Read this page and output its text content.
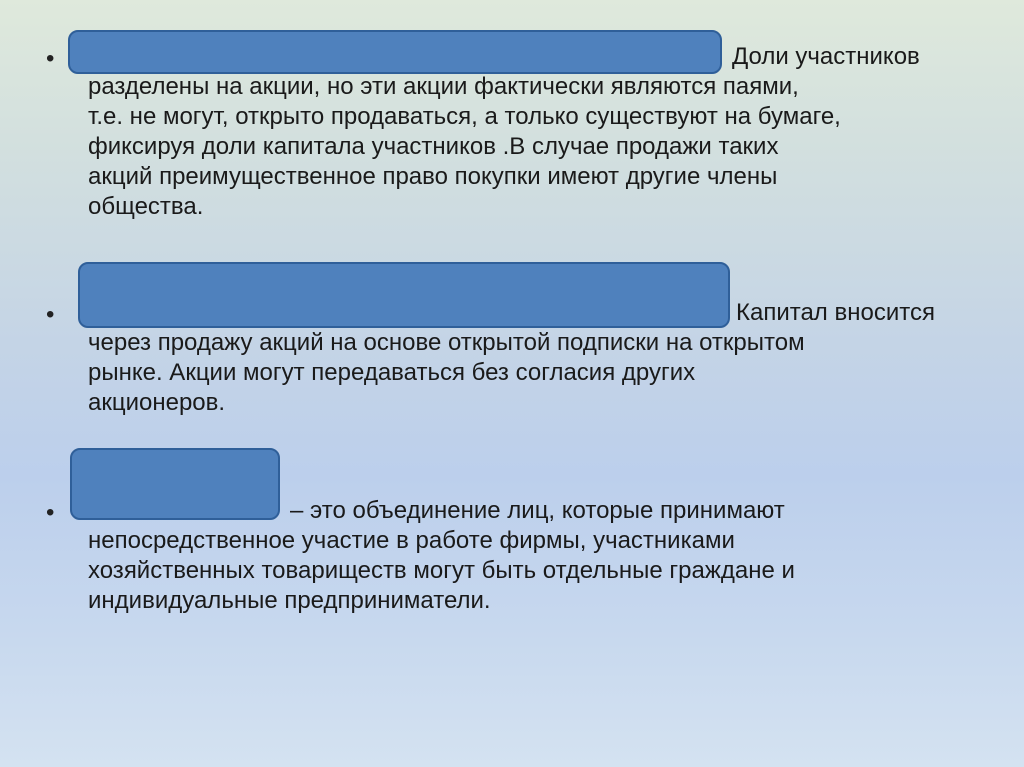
•	Доли участников
разделены на акции, но эти акции фактически являются паями,
т.е. не могут, открыто продаваться, а только существуют на бумаге,
фиксируя доли капитала участников .В случае продажи таких
акций преимущественное право покупки имеют другие члены
общества.
•	Капитал вносится
через продажу акций на основе открытой подписки на открытом
рынке. Акции могут передаваться без согласия других
акционеров.
•	– это объединение лиц, которые принимают
непосредственное участие в работе фирмы, участниками
хозяйственных товариществ могут быть отдельные граждане и
индивидуальные предприниматели.
